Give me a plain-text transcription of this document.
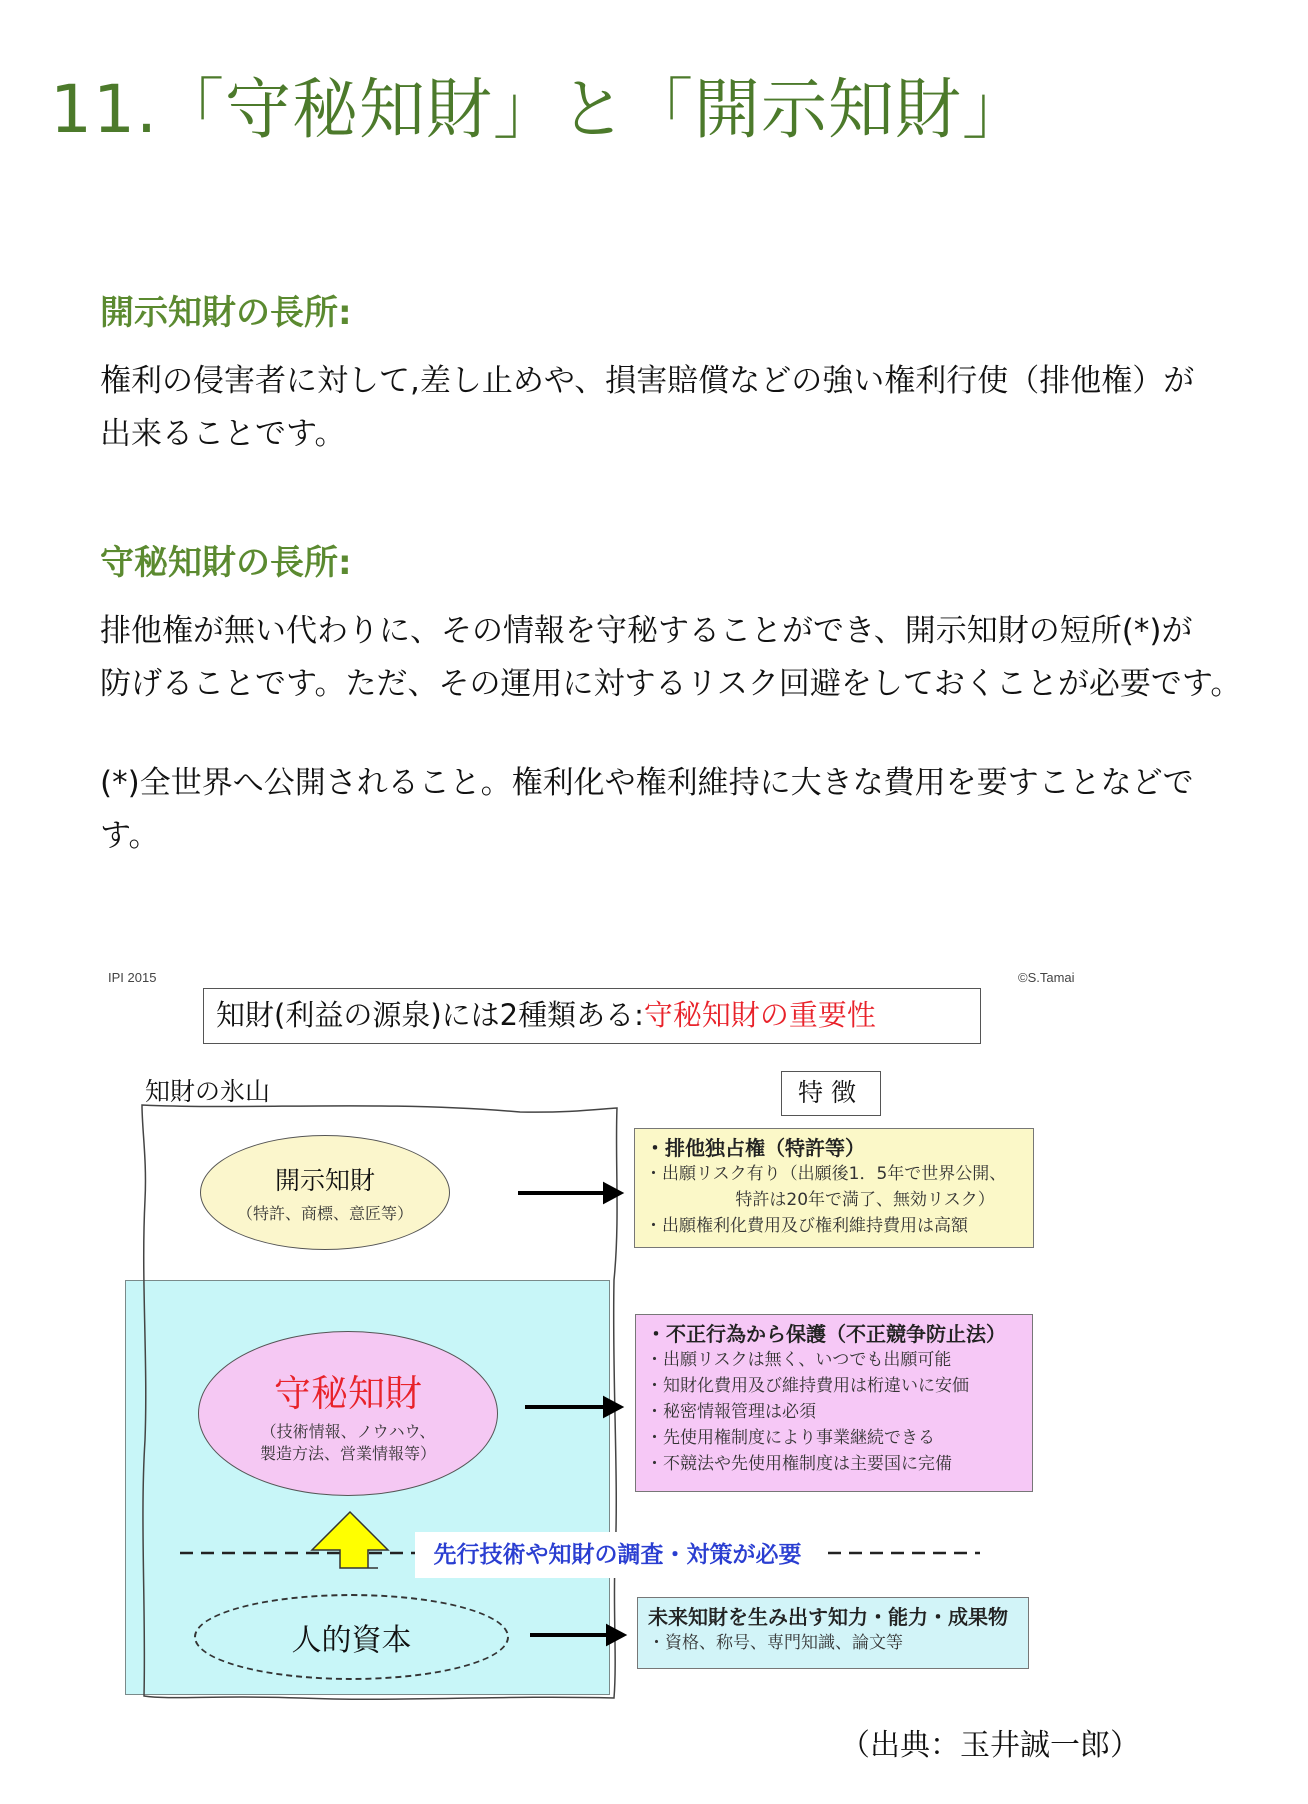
11.「守秘知財」と「開示知財」
開示知財の長所:
権利の侵害者に対して,差し止めや、損害賠償などの強い権利行使（排他権）が
出来ることです。
守秘知財の長所:
排他権が無い代わりに、その情報を守秘することができ、開示知財の短所(*)が
防げることです。ただ、その運用に対するリスク回避をしておくことが必要です。
(*)全世界へ公開されること。権利化や権利維持に大きな費用を要すことなどです。
IPI 2015	©S.Tamai
知財(利益の源泉)には2種類ある:守秘知財の重要性
知財の氷山	特徴
開示知財
（特許、商標、意匠等）
守秘知財
（技術情報、ノウハウ、
製造方法、営業情報等）
人的資本
・排他独占権（特許等）
・出願リスク有り（出願後1．5年で世界公開、
　　　　　 特許は20年で満了、無効リスク）
・出願権利化費用及び権利維持費用は高額
・不正行為から保護（不正競争防止法）
・出願リスクは無く、いつでも出願可能
・知財化費用及び維持費用は桁違いに安価
・秘密情報管理は必須
・先使用権制度により事業継続できる
・不競法や先使用権制度は主要国に完備
先行技術や知財の調査・対策が必要
未来知財を生み出す知力・能力・成果物
・資格、称号、専門知識、論文等
（出典：玉井誠一郎）
